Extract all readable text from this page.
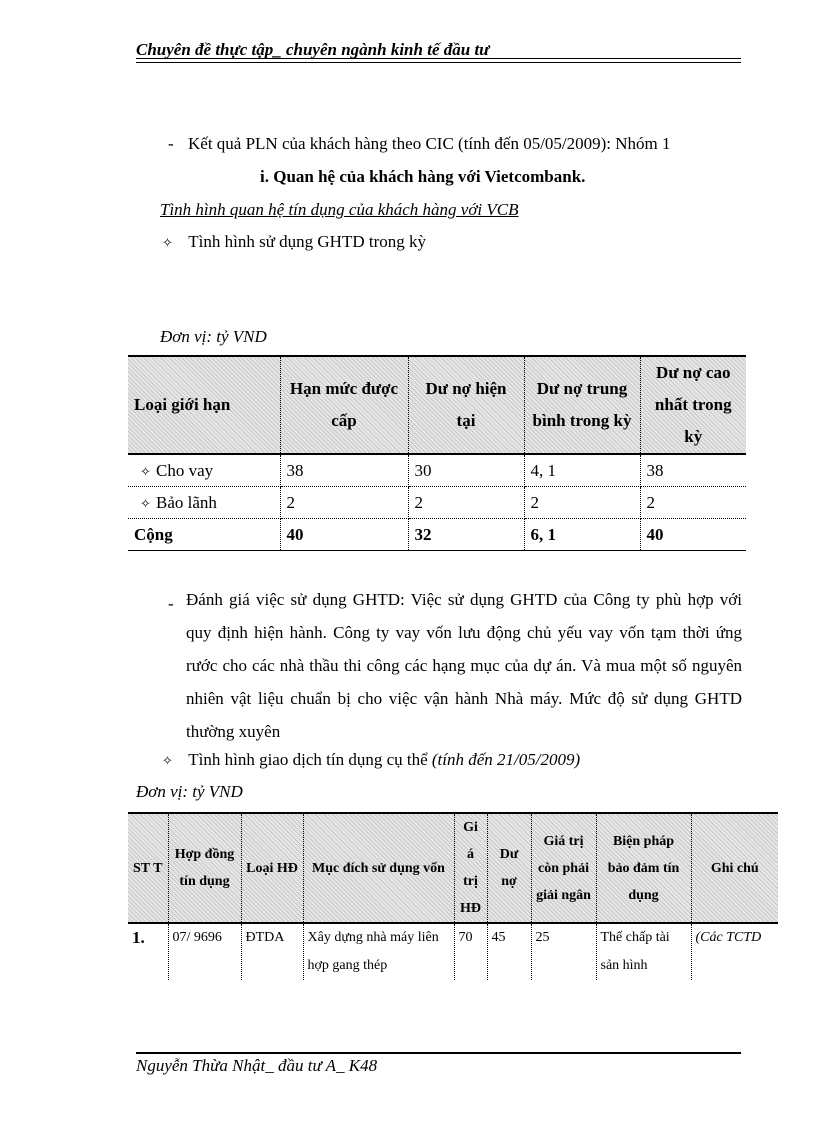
Chuyên đề thực tập_ chuyên ngành kinh tế đầu tư
- Kết quả PLN của khách hàng theo CIC (tính đến 05/05/2009): Nhóm 1
i. Quan hệ của khách hàng với Vietcombank.
Tình hình quan hệ tín dụng của khách hàng với VCB
✧ Tình hình sử dụng GHTD trong kỳ
Đơn vị: tỷ VND
Loại giới hạn	Hạn mức được cấp	Dư nợ hiện tại	Dư nợ trung bình trong kỳ	Dư nợ cao nhất trong kỳ
✧ Cho vay	38	30	4, 1	38
✧ Bảo lãnh	2	2	2	2
Cộng	40	32	6, 1	40
- Đánh giá việc sử dụng GHTD: Việc sử dụng GHTD của Công ty phù hợp với quy định hiện hành. Công ty vay vốn lưu động chủ yếu vay vốn tạm thời ứng rước cho các nhà thầu thi công các hạng mục của dự án. Và mua một số nguyên nhiên vật liệu chuẩn bị cho việc vận hành Nhà máy. Mức độ sử dụng GHTD thường xuyên
✧ Tình hình giao dịch tín dụng cụ thể (tính đến 21/05/2009)
Đơn vị: tỷ VND
ST T	Hợp đồng tín dụng	Loại HĐ	Mục đích sử dụng vốn	Gi á trị HĐ	Dư nợ	Giá trị còn phải giải ngân	Biện pháp bảo đảm tín dụng	Ghi chú
1.	07/ 9696	ĐTDA	Xây dựng nhà máy liên hợp gang thép	70	45	25	Thế chấp tài sản hình	(Các TCTD
Nguyễn Thừa Nhật_ đầu tư A_ K48
